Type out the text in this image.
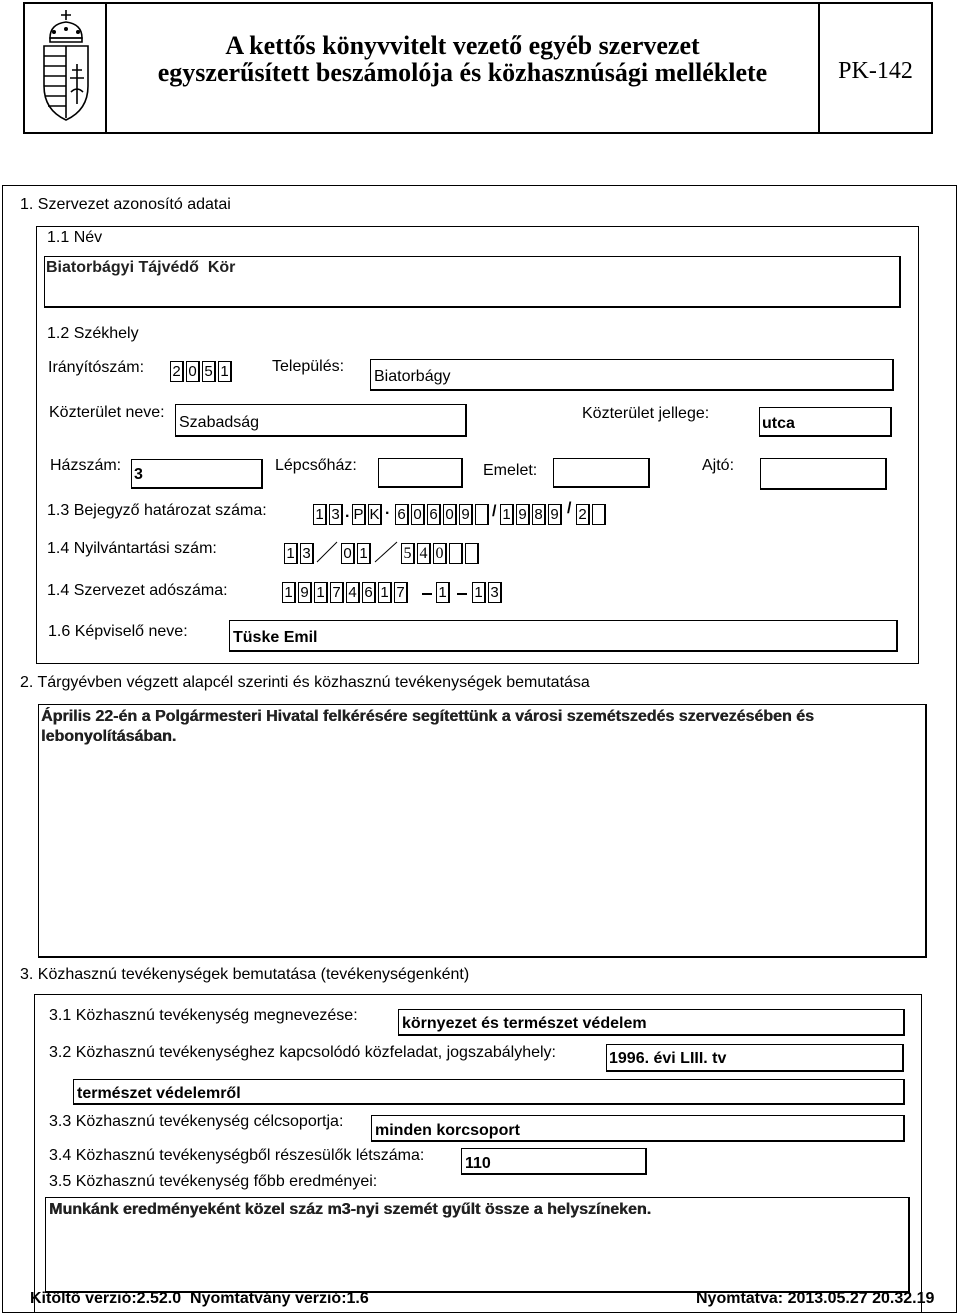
A kettős könyvvitelt vezető egyéb szervezet
egyszerűsített beszámolója és közhasznúsági melléklete	PK-142
1. Szervezet azonosító adatai
1.1 Név
Biatorbágyi Tájvédő  Kör
1.2 Székhely
Irányítószám: 2 0 5 1	Település:
Biatorbágy
Közterület neve:
Szabadság
Közterület jellege:
utca
Házszám:
3
Lépcsőház:	Emelet:	Ajtó:
1.3 Bejegyző határozat száma:	1 3 . P K . 6 0 6 0 9 / 1 9 8 9 / 2
1.4 Nyilvántartási szám:	1 3 0 1 5 4 0
1.4 Szervezet adószáma:	1 9 1 7 4 6 1 7 1 1 3
1.6 Képviselő neve:	Tüske Emil
2. Tárgyévben végzett alapcél szerinti és közhasznú tevékenységek bemutatása
Április 22-én a Polgármesteri Hivatal felkérésére segítettünk a városi szemétszedés szervezésében és lebonyolításában.
3. Közhasznú tevékenységek bemutatása (tevékenységenként)
3.1 Közhasznú tevékenység megnevezése:	környezet és természet védelem
3.2 Közhasznú tevékenységhez kapcsolódó közfeladat, jogszabályhely:	1996. évi LIII. tv
természet védelemről
3.3 Közhasznú tevékenység célcsoportja:
minden korcsoport
3.4 Közhasznú tevékenységből részesülők létszáma:	110
3.5 Közhasznú tevékenység főbb eredményei:
Munkánk eredményeként közel száz m3-nyi szemét gyűlt össze a helyszíneken.
Kitöltő verzió:2.52.0  Nyomtatvány verzió:1.6	Nyomtatva: 2013.05.27 20.32.19
